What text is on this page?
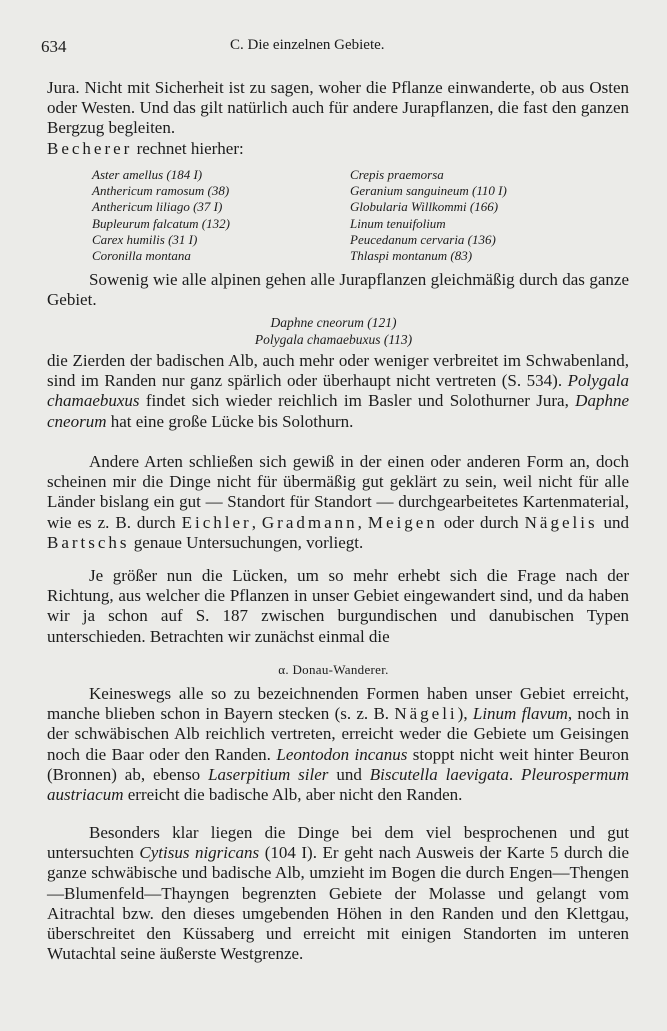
634	C. Die einzelnen Gebiete.

Jura. Nicht mit Sicherheit ist zu sagen, woher die Pflanze einwanderte, ob aus Osten oder Westen. Und das gilt natürlich auch für andere Jurapflanzen, die fast den ganzen Bergzug begleiten.
Becherer rechnet hierher:

Aster amellus (184 I)
Anthericum ramosum (38)
Anthericum liliago (37 I)
Bupleurum falcatum (132)
Carex humilis (31 I)
Coronilla montana
Crepis praemorsa
Geranium sanguineum (110 I)
Globularia Willkommi (166)
Linum tenuifolium
Peucedanum cervaria (136)
Thlaspi montanum (83)

Sowenig wie alle alpinen gehen alle Jurapflanzen gleichmäßig durch das ganze Gebiet.

Daphne cneorum (121)
Polygala chamaebuxus (113)

die Zierden der badischen Alb, auch mehr oder weniger verbreitet im Schwabenland, sind im Randen nur ganz spärlich oder überhaupt nicht vertreten (S. 534). Polygala chamaebuxus findet sich wieder reichlich im Basler und Solothurner Jura, Daphne cneorum hat eine große Lücke bis Solothurn.

Andere Arten schließen sich gewiß in der einen oder anderen Form an, doch scheinen mir die Dinge nicht für übermäßig gut geklärt zu sein, weil nicht für alle Länder bislang ein gut — Standort für Standort — durchgearbeitetes Kartenmaterial, wie es z. B. durch Eichler, Gradmann, Meigen oder durch Nägelis und Bartschs genaue Untersuchungen, vorliegt.

Je größer nun die Lücken, um so mehr erhebt sich die Frage nach der Richtung, aus welcher die Pflanzen in unser Gebiet eingewandert sind, und da haben wir ja schon auf S. 187 zwischen burgundischen und danubischen Typen unterschieden. Betrachten wir zunächst einmal die

α. Donau-Wanderer.

Keineswegs alle so zu bezeichnenden Formen haben unser Gebiet erreicht, manche blieben schon in Bayern stecken (s. z. B. Nägeli), Linum flavum, noch in der schwäbischen Alb reichlich vertreten, erreicht weder die Gebiete um Geisingen noch die Baar oder den Randen. Leontodon incanus stoppt nicht weit hinter Beuron (Bronnen) ab, ebenso Laserpitium siler und Biscutella laevigata. Pleurospermum austriacum erreicht die badische Alb, aber nicht den Randen.

Besonders klar liegen die Dinge bei dem viel besprochenen und gut untersuchten Cytisus nigricans (104 I). Er geht nach Ausweis der Karte 5 durch die ganze schwäbische und badische Alb, umzieht im Bogen die durch Engen—Thengen—Blumenfeld—Thayngen begrenzten Gebiete der Molasse und gelangt vom Aitrachtal bzw. den dieses umgebenden Höhen in den Randen und den Klettgau, überschreitet den Küssaberg und erreicht mit einigen Standorten im unteren Wutachtal seine äußerste Westgrenze.
